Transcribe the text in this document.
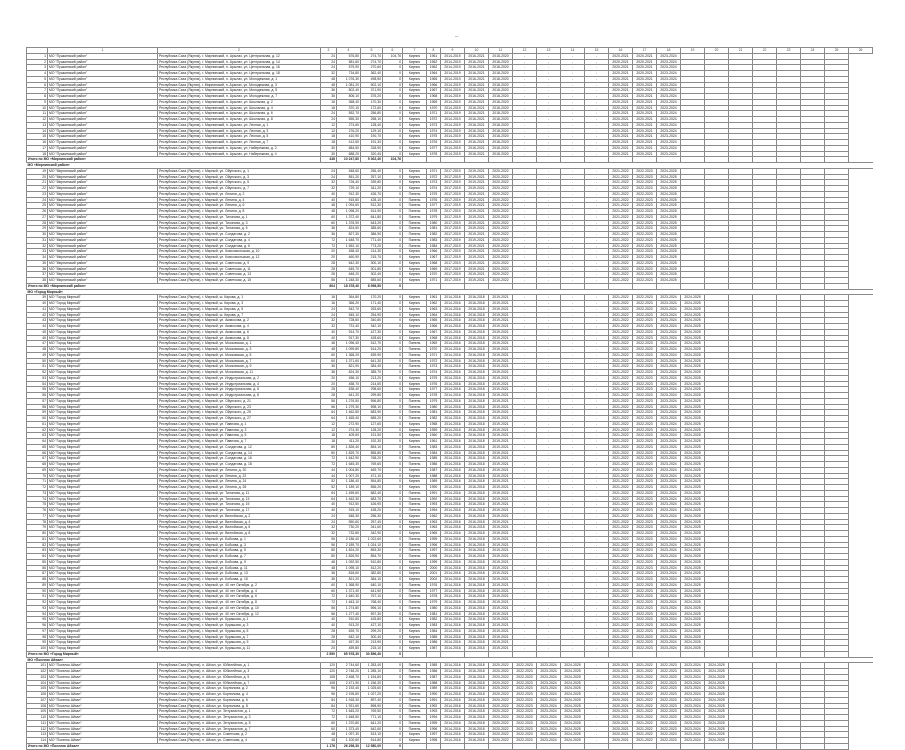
--
	1	2	3	4	5	6	7	8	9	10	11	12	13	14	15	16	17	18	19	20	21	22	23	24	25	26
1	МО "Пушкинский район"	Республика Саха (Якутия), г. Мирнинский, п. Арылах, ул. Центральная, д. 12	24	576,80	274,70	104,76	Кирпич	1961	2014-2019	2016-2021	2018-2020	-	-	-	-	2020-2021	2020-2021	2023-2024								
2	МО "Пушкинский район"	Республика Саха (Якутия), г. Мирнинский, п. Арылах, ул. Центральная, д. 14	24	581,60	274,70	0	Кирпич	1962	2014-2019	2016-2021	2018-2020	-	-	-	-	2020-2021	2020-2021	2023-2024								
3	МО "Пушкинский район"	Республика Саха (Якутия), г. Мирнинский, п. Арылах, ул. Центральная, д. 16	24	579,90	270,60	0	Кирпич	1962	2014-2019	2016-2021	2018-2020	-	-	-	-	2020-2021	2020-2021	2023-2024								
4	МО "Пушкинский район"	Республика Саха (Якутия), г. Мирнинский, п. Арылах, ул. Центральная, д. 18	32	734,80	362,40	0	Кирпич	1964	2014-2019	2016-2021	2018-2020	-	-	-	-	2020-2021	2020-2021	2023-2024								
5	МО "Пушкинский район"	Республика Саха (Якутия), г. Мирнинский, п. Арылах, ул. Молодежная, д. 1	48	1 076,30	498,50	0	Кирпич	1965	2014-2019	2016-2021	2018-2020	-	-	-	-	2020-2021	2020-2021	2023-2024								
6	МО "Пушкинский район"	Республика Saха (Якутия), г. Мирнинский, п. Арылах, ул. Молодежная, д. 3	48	1 081,20	502,10	0	Кирпич	1966	2014-2019	2016-2021	2018-2020	-	-	-	-	2020-2021	2020-2021	2023-2024								
7	МО "Пушкинский район"	Республика Саха (Якутия), г. Мирнинский, п. Арылах, ул. Молодежная, д. 5	36	802,40	371,90	0	Кирпич	1967	2014-2019	2016-2021	2018-2020	-	-	-	-	2020-2021	2020-2021	2023-2024								
8	МО "Пушкинский район"	Республика Саха (Якутия), г. Мирнинский, п. Арылах, ул. Молодежная, д. 7	36	806,10	375,20	0	Кирпич	1968	2014-2019	2016-2021	2018-2020	-	-	-	-	2020-2021	2020-2021	2023-2024								
9	МО "Пушкинский район"	Республика Саха (Якутия), г. Мирнинский, п. Арылах, ул. Школьная, д. 2	16	368,40	170,30	0	Кирпич	1969	2014-2019	2016-2021	2018-2020	-	-	-	-	2020-2021	2020-2021	2023-2024								
10	МО "Пушкинский район"	Республика Саха (Якутия), г. Мирнинский, п. Арылах, ул. Школьная, д. 4	16	370,10	172,60	0	Кирпич	1970	2014-2019	2016-2021	2018-2020	-	-	-	-	2020-2021	2020-2021	2023-2024								
11	МО "Пушкинский район"	Республика Саха (Якутия), г. Мирнинский, п. Арылах, ул. Школьная, д. 6	24	552,70	256,80	0	Кирпич	1971	2014-2019	2016-2021	2018-2020	-	-	-	-	2020-2021	2020-2021	2023-2024								
12	МО "Пушкинский район"	Республика Саха (Якутия), г. Мирнинский, п. Арылах, ул. Школьная, д. 8	24	555,30	258,10	0	Кирпич	1972	2014-2019	2016-2021	2018-2020	-	-	-	-	2020-2021	2020-2021	2023-2024								
13	МО "Пушкинский район"	Республика Саха (Якутия), г. Мирнинский, п. Арылах, ул. Лесная, д. 1	12	274,60	128,40	0	Кирпич	1973	2014-2019	2016-2021	2018-2020	-	-	-	-	2020-2021	2020-2021	2023-2024								
14	МО "Пушкинский район"	Республика Саха (Якутия), г. Мирнинский, п. Арылах, ул. Лесная, д. 3	12	276,20	129,10	0	Кирпич	1974	2014-2019	2016-2021	2018-2020	-	-	-	-	2020-2021	2020-2021	2023-2024								
15	МО "Пушкинский район"	Республика Саха (Якутия), г. Мирнинский, п. Арылах, ул. Лесная, д. 5	18	410,90	190,70	0	Кирпич	1975	2014-2019	2016-2021	2018-2020	-	-	-	-	2020-2021	2020-2021	2023-2024								
16	МО "Пушкинский район"	Республика Саха (Якутия), г. Мирнинский, п. Арылах, ул. Лесная, д. 7	18	412,60	191,30	0	Кирпич	1976	2014-2019	2016-2021	2018-2020	-	-	-	-	2020-2021	2020-2021	2023-2024								
17	МО "Пушкинский район"	Республика Саха (Якутия), г. Мирнинский, п. Арылах, ул. Набережная, д. 2	30	684,50	318,90	0	Кирпич	1977	2014-2019	2016-2021	2018-2020	-	-	-	-	2020-2021	2020-2021	2023-2024								
18	МО "Пушкинский район"	Республика Саха (Якутия), г. Мирнинский, п. Арылах, ул. Набережная, д. 4	30	688,20	320,40	0	Кирпич	1978	2014-2019	2016-2021	2018-2020	-	-	-	-	2020-2021	2020-2021	2023-2024								
Итого по МО «Мирнинский район»			438	10 247,80	5 302,40	104,76																				
МО «Мирнинский район»																										
19	МО "Мирнинский район"	Республика Саха (Якутия), г. Мирный, ул. Ойунского, д. 1	24	548,60	256,40	0	Кирпич	1971	2017-2019	2019-2021	2020-2022	-	-	-	-	2021-2022	2022-2023	2024-2025								
20	МО "Мирнинский район"	Республика Саха (Якутия), г. Мирный, ул. Ойунского, д. 3	24	551,20	257,10	0	Кирпич	1972	2017-2019	2019-2021	2020-2022	-	-	-	-	2021-2022	2022-2023	2024-2025								
21	МО "Мирнинский район"	Республика Саха (Якутия), г. Мирный, ул. Ойунского, д. 5	32	726,40	339,80	0	Кирпич	1973	2017-2019	2019-2021	2020-2022	-	-	-	-	2021-2022	2022-2023	2024-2025								
22	МО "Мирнинский район"	Республика Саха (Якутия), г. Мирный, ул. Ойунского, д. 7	32	729,10	341,20	0	Кирпич	1974	2017-2019	2019-2021	2020-2022	-	-	-	-	2021-2022	2022-2023	2024-2025								
23	МО "Мирнинский район"	Республика Саха (Якутия), г. Мирный, ул. Ленина, д. 2	40	912,30	426,70	0	Панель	1975	2017-2019	2019-2021	2020-2022	-	-	-	-	2021-2022	2022-2023	2024-2025								
24	МО "Мирнинский район"	Республика Саха (Якутия), г. Мирный, ул. Ленина, д. 4	40	915,80	428,10	0	Панель	1976	2017-2019	2019-2021	2020-2022	-	-	-	-	2021-2022	2022-2023	2024-2025								
25	МО "Мирнинский район"	Республика Саха (Якутия), г. Мирный, ул. Ленина, д. 6	48	1 094,60	512,30	0	Панель	1977	2017-2019	2019-2021	2020-2022	-	-	-	-	2021-2022	2022-2023	2024-2025								
26	МО "Мирнинский район"	Республика Саха (Якутия), г. Мирный, ул. Ленина, д. 8	48	1 098,20	514,90	0	Панель	1978	2017-2019	2019-2021	2020-2022	-	-	-	-	2021-2022	2022-2023	2024-2025								
27	МО "Мирнинский район"	Республика Саха (Якутия), г. Мирный, ул. Тихонова, д. 1	60	1 372,40	641,80	0	Панель	1979	2017-2019	2019-2021	2020-2022	-	-	-	-	2021-2022	2022-2023	2024-2025								
28	МО "Мирнинский район"	Республика Саха (Якутия), г. Мирный, ул. Тихонова, д. 3	60	1 376,90	643,20	0	Панель	1980	2017-2019	2019-2021	2020-2022	-	-	-	-	2021-2022	2022-2023	2024-2025								
29	МО "Мирнинский район"	Республика Саха (Якутия), г. Мирный, ул. Тихонова, д. 5	36	824,50	385,60	0	Панель	1981	2017-2019	2019-2021	2020-2022	-	-	-	-	2021-2022	2022-2023	2024-2025								
30	МО "Мирнинский район"	Республика Саха (Якутия), г. Мирный, ул. Солдатова, д. 2	36	827,30	386,90	0	Панель	1982	2017-2019	2019-2021	2020-2022	-	-	-	-	2021-2022	2022-2023	2024-2025								
31	МО "Мирнинский район"	Республика Саха (Якутия), г. Мирный, ул. Солдатова, д. 4	72	1 648,70	771,40	0	Панель	1983	2017-2019	2019-2021	2020-2022	-	-	-	-	2021-2022	2022-2023	2024-2025								
32	МО "Мирнинский район"	Республика Саха (Якутия), г. Мирный, ул. Солдатова, д. 6	72	1 652,10	773,20	0	Панель	1984	2017-2019	2019-2021	2020-2022	-	-	-	-	2021-2022	2022-2023	2024-2025								
33	МО "Мирнинский район"	Республика Саха (Якутия), г. Мирный, ул. Комсомольская, д. 10	20	458,40	214,30	0	Кирпич	1966	2017-2019	2019-2021	2020-2022	-	-	-	-	2021-2022	2022-2023	2024-2025								
34	МО "Мирнинский район"	Республика Саха (Якутия), г. Мирный, ул. Комсомольская, д. 12	20	460,90	215,70	0	Кирпич	1967	2017-2019	2019-2021	2020-2022	-	-	-	-	2021-2022	2022-2023	2024-2025								
35	МО "Мирнинский район"	Республика Саха (Якутия), г. Мирный, ул. Советская, д. 9	28	642,30	300,10	0	Кирпич	1968	2017-2019	2019-2021	2020-2022	-	-	-	-	2021-2022	2022-2023	2024-2025								
36	МО "Мирнинский район"	Республика Саха (Якутия), г. Мирный, ул. Советская, д. 11	28	645,70	301,80	0	Кирпич	1969	2017-2019	2019-2021	2020-2022	-	-	-	-	2021-2022	2022-2023	2024-2025								
37	МО "Мирнинский район"	Республика Саха (Якутия), г. Мирный, ул. Советская, д. 13	28	648,20	302,40	0	Кирпич	1970	2017-2019	2019-2021	2020-2022	-	-	-	-	2021-2022	2022-2023	2024-2025								
38	МО "Мирнинский район"	Республика Саха (Якутия), г. Мирный, ул. Советская, д. 15	56	1 248,30	585,60	0	Кирпич	1971	2017-2019	2019-2021	2020-2022	-	-	-	-	2021-2022	2022-2023	2024-2025								
Итого по МО «Мирнинский район»			804	18 378,40	8 598,50	0																				
МО «Город Мирный»																										
39	МО "Город Мирный"	Республика Саха (Якутия), г. Мирный, ш. Кирова, д. 1	16	364,80	170,20	0	Кирпич	1961	2014-2016	2016-2018	2019-2021	-	-	-	-	2021-2022	2022-2023	2023-2024	2024-2025							
40	МО "Город Мирный"	Республика Саха (Якутия), г. Мирный, ш. Кирова, д. 3	16	366,20	171,40	0	Кирпич	1962	2014-2016	2016-2018	2019-2021	-	-	-	-	2021-2022	2022-2023	2023-2024	2024-2025							
41	МО "Город Мирный"	Республика Саха (Якутия), г. Мирный, ш. Кирова, д. 5	24	542,70	253,60	0	Кирпич	1963	2014-2016	2016-2018	2019-2021	-	-	-	-	2021-2022	2022-2023	2023-2024	2024-2025							
42	МО "Город Мирный"	Республика Саха (Якутия), г. Мирный, ш. Кирова, д. 7	24	545,10	254,90	0	Кирпич	1964	2014-2016	2016-2018	2019-2021	-	-	-	-	2021-2022	2022-2023	2023-2024	2024-2025							
43	МО "Город Мирный"	Республика Саха (Якутия), г. Мирный, ул. Аммосова, д. 2	32	728,60	340,80	0	Кирпич	1965	2014-2016	2016-2018	2019-2021	-	-	-	-	2021-2022	2022-2023	2023-2024	2024-2025							
44	МО "Город Мирный"	Республика Саха (Якутия), г. Мирный, ул. Аммосова, д. 4	32	731,40	342,10	0	Кирпич	1966	2014-2016	2016-2018	2019-2021	-	-	-	-	2021-2022	2022-2023	2023-2024	2024-2025							
45	МО "Город Мирный"	Республика Саха (Якутия), г. Мирный, ул. Аммосова, д. 6	40	914,70	427,30	0	Кирпич	1967	2014-2016	2016-2018	2019-2021	-	-	-	-	2021-2022	2022-2023	2023-2024	2024-2025							
46	МО "Город Мирный"	Республика Саха (Якутия), г. Мирный, ул. Аммосова, д. 8	40	917,30	428,60	0	Кирпич	1968	2014-2016	2016-2018	2019-2021	-	-	-	-	2021-2022	2022-2023	2023-2024	2024-2025							
47	МО "Город Мирный"	Республика Саха (Якутия), г. Мирный, ул. Московская, д. 1	48	1 096,40	512,70	0	Панель	1969	2014-2016	2016-2018	2019-2021	-	-	-	-	2021-2022	2022-2023	2023-2024	2024-2025							
48	МО "Город Мирный"	Республика Саха (Якутия), г. Мирный, ул. Московская, д. 3	48	1 099,80	514,20	0	Панель	1970	2014-2016	2016-2018	2019-2021	-	-	-	-	2021-2022	2022-2023	2023-2024	2024-2025							
49	МО "Город Мирный"	Республика Саха (Якутия), г. Мирный, ул. Московская, д. 5	60	1 368,20	639,90	0	Панель	1971	2014-2016	2016-2018	2019-2021	-	-	-	-	2021-2022	2022-2023	2023-2024	2024-2025							
50	МО "Город Мирный"	Республика Саха (Якутия), г. Мирный, ул. Московская, д. 7	60	1 371,60	641,30	0	Панель	1972	2014-2016	2016-2018	2019-2021	-	-	-	-	2021-2022	2022-2023	2023-2024	2024-2025							
51	МО "Город Мирный"	Республика Саха (Якутия), г. Мирный, ул. Московская, д. 9	36	821,90	384,40	0	Панель	1973	2014-2016	2016-2018	2019-2021	-	-	-	-	2021-2022	2022-2023	2023-2024	2024-2025							
52	МО "Город Мирный"	Республика Саха (Якутия), г. Мирный, ул. Московская, д. 11	36	824,30	385,70	0	Панель	1974	2014-2016	2016-2018	2019-2021	-	-	-	-	2021-2022	2022-2023	2023-2024	2024-2025							
53	МО "Город Мирный"	Республика Саха (Якутия), г. Мирный, ул. Индустриальная, д. 2	20	456,10	213,20	0	Кирпич	1975	2014-2016	2016-2018	2019-2021	-	-	-	-	2021-2022	2022-2023	2023-2024	2024-2025							
54	МО "Город Мирный"	Республика Саха (Якутия), г. Мирный, ул. Индустриальная, д. 4	20	458,70	214,50	0	Кирпич	1976	2014-2016	2016-2018	2019-2021	-	-	-	-	2021-2022	2022-2023	2023-2024	2024-2025							
55	МО "Город Мирный"	Республика Саха (Якутия), г. Мирный, ул. Индустриальная, д. 6	28	638,40	298,60	0	Кирпич	1977	2014-2016	2016-2018	2019-2021	-	-	-	-	2021-2022	2022-2023	2023-2024	2024-2025							
56	МО "Город Мирный"	Республика Саха (Якутия), г. Мирный, ул. Индустриальная, д. 8	28	641,20	299,80	0	Кирпич	1978	2014-2016	2016-2018	2019-2021	-	-	-	-	2021-2022	2022-2023	2023-2024	2024-2025							
57	МО "Город Мирный"	Республика Саха (Якутия), г. Мирный, ул. Ойунского, д. 21	56	1 276,50	596,80	0	Панель	1979	2014-2016	2016-2018	2019-2021	-	-	-	-	2021-2022	2022-2023	2023-2024	2024-2025							
58	МО "Город Мирный"	Республика Саха (Якутия), г. Мирный, ул. Ойунского, д. 23	56	1 279,30	598,10	0	Панель	1980	2014-2016	2016-2018	2019-2021	-	-	-	-	2021-2022	2022-2023	2023-2024	2024-2025							
59	МО "Город Мирный"	Республика Саха (Якутия), г. Мирный, ул. Ойунского, д. 25	64	1 462,80	683,90	0	Панель	1981	2014-2016	2016-2018	2019-2021	-	-	-	-	2021-2022	2022-2023	2023-2024	2024-2025							
60	МО "Город Мирный"	Республика Саха (Якутия), г. Мирный, ул. Ойунского, д. 27	64	1 465,40	685,20	0	Панель	1982	2014-2016	2016-2018	2019-2021	-	-	-	-	2021-2022	2022-2023	2023-2024	2024-2025							
61	МО "Город Мирный"	Республика Саха (Якутия), г. Мирный, ул. Павлова, д. 1	12	272,90	127,60	0	Кирпич	1958	2014-2016	2016-2018	2019-2021	-	-	-	-	2021-2022	2022-2023	2023-2024	2024-2025							
62	МО "Город Мирный"	Республика Саха (Якутия), г. Мирный, ул. Павлова, д. 3	12	274,30	128,20	0	Кирпич	1959	2014-2016	2016-2018	2019-2021	-	-	-	-	2021-2022	2022-2023	2023-2024	2024-2025							
63	МО "Город Мирный"	Республика Саха (Якутия), г. Мирный, ул. Павлова, д. 5	18	409,60	191,50	0	Кирпич	1960	2014-2016	2016-2018	2019-2021	-	-	-	-	2021-2022	2022-2023	2023-2024	2024-2025							
64	МО "Город Мирный"	Республика Саха (Якутия), г. Мирный, ул. Павлова, д. 7	18	411,20	192,30	0	Кирпич	1961	2014-2016	2016-2018	2019-2021	-	-	-	-	2021-2022	2022-2023	2023-2024	2024-2025							
65	МО "Город Мирный"	Республика Саха (Якутия), г. Мирный, ул. Солдатова, д. 12	80	1 826,40	854,10	0	Панель	1983	2014-2016	2016-2018	2019-2021	-	-	-	-	2021-2022	2022-2023	2023-2024	2024-2025							
66	МО "Город Мирный"	Республика Саха (Якутия), г. Мирный, ул. Солдатова, д. 14	80	1 829,70	855,80	0	Панель	1984	2014-2016	2016-2018	2019-2021	-	-	-	-	2021-2022	2022-2023	2023-2024	2024-2025							
67	МО "Город Мирный"	Республика Саха (Якутия), г. Мирный, ул. Солдатова, д. 16	72	1 642,90	768,20	0	Панель	1985	2014-2016	2016-2018	2019-2021	-	-	-	-	2021-2022	2022-2023	2023-2024	2024-2025							
68	МО "Город Мирный"	Республика Саха (Якутия), г. Мирный, ул. Солдатова, д. 18	72	1 645,30	769,60	0	Панель	1986	2014-2016	2016-2018	2019-2021	-	-	-	-	2021-2022	2022-2023	2023-2024	2024-2025							
69	МО "Город Мирный"	Республика Саха (Якутия), г. Мирный, ул. Ленина, д. 20	44	1 004,80	469,70	0	Кирпич	1987	2014-2016	2016-2018	2019-2021	-	-	-	-	2021-2022	2022-2023	2023-2024	2024-2025							
70	МО "Город Мирный"	Республика Саха (Якутия), г. Мирный, ул. Ленина, д. 22	44	1 007,20	471,10	0	Кирпич	1988	2014-2016	2016-2018	2019-2021	-	-	-	-	2021-2022	2022-2023	2023-2024	2024-2025							
71	МО "Город Мирный"	Республика Саха (Якутия), г. Мирный, ул. Ленина, д. 24	52	1 186,40	554,80	0	Кирпич	1989	2014-2016	2016-2018	2019-2021	-	-	-	-	2021-2022	2022-2023	2023-2024	2024-2025							
72	МО "Город Мирный"	Республика Саха (Якутия), г. Мирный, ул. Ленина, д. 26	52	1 189,10	556,20	0	Кирпич	1990	2014-2016	2016-2018	2019-2021	-	-	-	-	2021-2022	2022-2023	2023-2024	2024-2025							
73	МО "Город Мирный"	Республика Саха (Якутия), г. Мирный, ул. Тихонова, д. 11	64	1 459,60	682,40	0	Панель	1991	2014-2016	2016-2018	2019-2021	-	-	-	-	2021-2022	2022-2023	2023-2024	2024-2025							
74	МО "Город Мирный"	Республика Саха (Якутия), г. Мирный, ул. Тихонова, д. 13	64	1 462,30	683,70	0	Панель	1992	2014-2016	2016-2018	2019-2021	-	-	-	-	2021-2022	2022-2023	2023-2024	2024-2025							
75	МО "Город Мирный"	Республика Саха (Якутия), г. Мирный, ул. Тихонова, д. 15	40	912,50	426,90	0	Панель	1993	2014-2016	2016-2018	2019-2021	-	-	-	-	2021-2022	2022-2023	2023-2024	2024-2025							
76	МО "Город Мирный"	Республика Саха (Якутия), г. Мирный, ул. Тихонова, д. 17	40	915,10	428,20	0	Панель	1994	2014-2016	2016-2018	2019-2021	-	-	-	-	2021-2022	2022-2023	2023-2024	2024-2025							
77	МО "Город Мирный"	Республика Саха (Якутия), г. Мирный, ул. Вилюйская, д. 2	24	548,30	256,30	0	Кирпич	1962	2014-2016	2016-2018	2019-2021	-	-	-	-	2021-2022	2022-2023	2023-2024	2024-2025							
78	МО "Город Мирный"	Республика Саха (Якутия), г. Мирный, ул. Вилюйская, д. 4	24	550,60	257,40	0	Кирпич	1963	2014-2016	2016-2018	2019-2021	-	-	-	-	2021-2022	2022-2023	2023-2024	2024-2025							
79	МО "Город Мирный"	Республика Саха (Якутия), г. Мирный, ул. Вилюйская, д. 6	32	730,20	341,60	0	Кирпич	1964	2014-2016	2016-2018	2019-2021	-	-	-	-	2021-2022	2022-2023	2023-2024	2024-2025							
80	МО "Город Мирный"	Республика Саха (Якутия), г. Мирный, ул. Вилюйская, д. 8	32	732,80	342,90	0	Кирпич	1965	2014-2016	2016-2018	2019-2021	-	-	-	-	2021-2022	2022-2023	2023-2024	2024-2025							
81	МО "Город Мирный"	Республика Саха (Якутия), г. Мирный, ул. Бобкова, д. 1	96	2 186,40	1 022,60	0	Панель	1995	2014-2016	2016-2018	2019-2021	-	-	-	-	2021-2022	2022-2023	2023-2024	2024-2025							
82	МО "Город Мирный"	Республика Саха (Якутия), г. Мирный, ул. Бобкова, д. 3	96	2 189,70	1 024,10	0	Панель	1996	2014-2016	2016-2018	2019-2021	-	-	-	-	2021-2022	2022-2023	2023-2024	2024-2025							
83	МО "Город Мирный"	Республика Саха (Якутия), г. Мирный, ул. Бобкова, д. 5	80	1 824,20	853,30	0	Панель	1997	2014-2016	2016-2018	2019-2021	-	-	-	-	2021-2022	2022-2023	2023-2024	2024-2025							
84	МО "Город Мирный"	Республика Саха (Якутия), г. Мирный, ул. Бобкова, д. 7	80	1 826,90	854,70	0	Панель	1998	2014-2016	2016-2018	2019-2021	-	-	-	-	2021-2022	2022-2023	2023-2024	2024-2025							
85	МО "Город Мирный"	Республика Саха (Якутия), г. Мирный, ул. Бобкова, д. 9	48	1 092,50	510,80	0	Кирпич	1999	2014-2016	2016-2018	2019-2021	-	-	-	-	2021-2022	2022-2023	2023-2024	2024-2025							
86	МО "Город Мирный"	Республика Саха (Якутия), г. Мирный, ул. Бобкова, д. 11	48	1 095,10	512,20	0	Кирпич	2000	2014-2016	2016-2018	2019-2021	-	-	-	-	2021-2022	2022-2023	2023-2024	2024-2025							
87	МО "Город Мирный"	Республика Саха (Якутия), г. Мирный, ул. Бобкова, д. 13	36	818,60	382,80	0	Кирпич	2001	2014-2016	2016-2018	2019-2021	-	-	-	-	2021-2022	2022-2023	2023-2024	2024-2025							
88	МО "Город Мирный"	Республика Саха (Якутия), г. Мирный, ул. Бобкова, д. 15	36	821,20	384,10	0	Кирпич	2002	2014-2016	2016-2018	2019-2021	-	-	-	-	2021-2022	2022-2023	2023-2024	2024-2025							
89	МО "Город Мирный"	Республика Саха (Якутия), г. Мирный, ул. 40 лет Октября, д. 2	60	1 368,90	640,10	0	Панель	1976	2014-2016	2016-2018	2019-2021	-	-	-	-	2021-2022	2022-2023	2023-2024	2024-2025							
90	МО "Город Мирный"	Республика Саха (Якутия), г. Мирный, ул. 40 лет Октября, д. 4	60	1 371,40	641,50	0	Панель	1977	2014-2016	2016-2018	2019-2021	-	-	-	-	2021-2022	2022-2023	2023-2024	2024-2025							
91	МО "Город Мирный"	Республика Саха (Якутия), г. Мирный, ул. 40 лет Октября, д. 6	72	1 640,30	767,10	0	Панель	1978	2014-2016	2016-2018	2019-2021	-	-	-	-	2021-2022	2022-2023	2023-2024	2024-2025							
92	МО "Город Мирный"	Республика Саха (Якутия), г. Мирный, ул. 40 лет Октября, д. 8	72	1 643,10	768,40	0	Панель	1979	2014-2016	2016-2018	2019-2021	-	-	-	-	2021-2022	2022-2023	2023-2024	2024-2025							
93	МО "Город Мирный"	Республика Саха (Якутия), г. Мирный, ул. 40 лет Октября, д. 10	56	1 274,80	596,10	0	Панель	1980	2014-2016	2016-2018	2019-2021	-	-	-	-	2021-2022	2022-2023	2023-2024	2024-2025							
94	МО "Город Мирный"	Республика Саха (Якутия), г. Мирный, ул. 40 лет Октября, д. 12	56	1 277,40	597,30	0	Панель	1981	2014-2016	2016-2018	2019-2021	-	-	-	-	2021-2022	2022-2023	2023-2024	2024-2025							
95	МО "Город Мирный"	Республика Саха (Якутия), г. Мирный, ул. Курашова, д. 1	40	910,60	425,80	0	Кирпич	1982	2014-2016	2016-2018	2019-2021	-	-	-	-	2021-2022	2022-2023	2023-2024	2024-2025							
96	МО "Город Мирный"	Республика Саха (Якутия), г. Мирный, ул. Курашова, д. 3	40	913,20	427,10	0	Кирпич	1983	2014-2016	2016-2018	2019-2021	-	-	-	-	2021-2022	2022-2023	2023-2024	2024-2025							
97	МО "Город Мирный"	Республика Саха (Якутия), г. Мирный, ул. Курашова, д. 5	28	639,70	299,20	0	Кирпич	1984	2014-2016	2016-2018	2019-2021	-	-	-	-	2021-2022	2022-2023	2023-2024	2024-2025							
98	МО "Город Мирный"	Республика Саха (Якутия), г. Мирный, ул. Курашова, д. 7	28	642,10	300,40	0	Кирпич	1985	2014-2016	2016-2018	2019-2021	-	-	-	-	2021-2022	2022-2023	2023-2024	2024-2025							
99	МО "Город Мирный"	Республика Саха (Якутия), г. Мирный, ул. Курашова, д. 9	20	457,30	213,90	0	Кирпич	1986	2014-2016	2016-2018	2019-2021	-	-	-	-	2021-2022	2022-2023	2023-2024	2024-2025							
100	МО "Город Мирный"	Республика Саха (Якутия), г. Мирный, ул. Курашова, д. 11	20	459,80	215,10	0	Кирпич	1987	2014-2016	2016-2018	2019-2021	-	-	-	-	2021-2022	2022-2023	2023-2024	2024-2025							
Итого по МО «Город Мирный»			2 890	65 978,30	30 856,40	0																				
МО «Поселок Айхал»																										
101	МО "Поселок Айхал"	Республика Саха (Якутия), п. Айхал, ул. Юбилейная, д. 1	120	2 744,60	1 283,40	0	Панель	1985	2014-2016	2016-2018	2020-2022	2022-2023	2023-2024	2024-2025	-	2020-2021	2021-2022	2022-2023	2023-2024	2024-2025						
102	МО "Поселок Айхал"	Республика Саха (Якутия), п. Айхал, ул. Юбилейная, д. 3	120	2 748,20	1 285,10	0	Панель	1986	2014-2016	2016-2018	2020-2022	2022-2023	2023-2024	2024-2025	-	2020-2021	2021-2022	2022-2023	2023-2024	2024-2025						
103	МО "Поселок Айхал"	Республика Саха (Якутия), п. Айхал, ул. Юбилейная, д. 5	108	2 468,70	1 154,80	0	Панель	1987	2014-2016	2016-2018	2020-2022	2022-2023	2023-2024	2024-2025	-	2020-2021	2021-2022	2022-2023	2023-2024	2024-2025						
104	МО "Поселок Айхал"	Республика Саха (Якутия), п. Айхал, ул. Юбилейная, д. 7	108	2 471,90	1 156,30	0	Панель	1988	2014-2016	2016-2018	2020-2022	2022-2023	2023-2024	2024-2025	-	2020-2021	2021-2022	2022-2023	2023-2024	2024-2025						
105	МО "Поселок Айхал"	Республика Саха (Якутия), п. Айхал, ул. Корнилова, д. 2	96	2 192,40	1 025,60	0	Панель	1989	2014-2016	2016-2018	2020-2022	2022-2023	2023-2024	2024-2025	-	2020-2021	2021-2022	2022-2023	2023-2024	2024-2025						
106	МО "Поселок Айхал"	Республика Саха (Якутия), п. Айхал, ул. Корнилова, д. 4	96	2 195,80	1 027,20	0	Панель	1990	2014-2016	2016-2018	2020-2022	2022-2023	2023-2024	2024-2025	-	2020-2021	2021-2022	2022-2023	2023-2024	2024-2025						
107	МО "Поселок Айхал"	Республика Саха (Якутия), п. Айхал, ул. Корнилова, д. 6	84	1 918,30	897,40	0	Панель	1991	2014-2016	2016-2018	2020-2022	2022-2023	2023-2024	2024-2025	-	2020-2021	2021-2022	2022-2023	2023-2024	2024-2025						
108	МО "Поселок Айхал"	Республика Саха (Якутия), п. Айхал, ул. Корнилова, д. 8	84	1 921,60	898,90	0	Панель	1992	2014-2016	2016-2018	2020-2022	2022-2023	2023-2024	2024-2025	-	2020-2021	2021-2022	2022-2023	2023-2024	2024-2025						
109	МО "Поселок Айхал"	Республика Саха (Якутия), п. Айхал, ул. Энтузиастов, д. 1	72	1 645,20	769,50	0	Панель	1993	2014-2016	2016-2018	2020-2022	2022-2023	2023-2024	2024-2025	-	2020-2021	2021-2022	2022-2023	2023-2024	2024-2025						
110	МО "Поселок Айхал"	Республика Саха (Якутия), п. Айхал, ул. Энтузиастов, д. 3	72	1 648,50	771,10	0	Панель	1994	2014-2016	2016-2018	2020-2022	2022-2023	2023-2024	2024-2025	-	2020-2021	2021-2022	2022-2023	2023-2024	2024-2025						
111	МО "Поселок Айхал"	Республика Саха (Якутия), п. Айхал, ул. Энтузиастов, д. 5	60	1 370,80	641,20	0	Панель	1995	2014-2016	2016-2018	2020-2022	2022-2023	2023-2024	2024-2025	-	2020-2021	2021-2022	2022-2023	2023-2024	2024-2025						
112	МО "Поселок Айхал"	Республика Саха (Якутия), п. Айхал, ул. Энтузиастов, д. 7	60	1 373,40	642,60	0	Панель	1996	2014-2016	2016-2018	2020-2022	2022-2023	2023-2024	2024-2025	-	2020-2021	2021-2022	2022-2023	2023-2024	2024-2025						
113	МО "Поселок Айхал"	Республика Саха (Якутия), п. Айхал, ул. Советская, д. 2	48	1 097,30	513,10	0	Кирпич	1997	2014-2016	2016-2018	2020-2022	2022-2023	2023-2024	2024-2025	-	2020-2021	2021-2022	2022-2023	2023-2024	2024-2025						
114	МО "Поселок Айхал"	Республика Саха (Якутия), п. Айхал, ул. Советская, д. 4	48	1 100,60	514,80	0	Кирпич	1998	2014-2016	2016-2018	2020-2022	2022-2023	2023-2024	2024-2025	-	2020-2021	2021-2022	2022-2023	2023-2024	2024-2025						
Итого по МО «Поселок Айхал»			1 176	26 298,30	12 580,00	0																				
